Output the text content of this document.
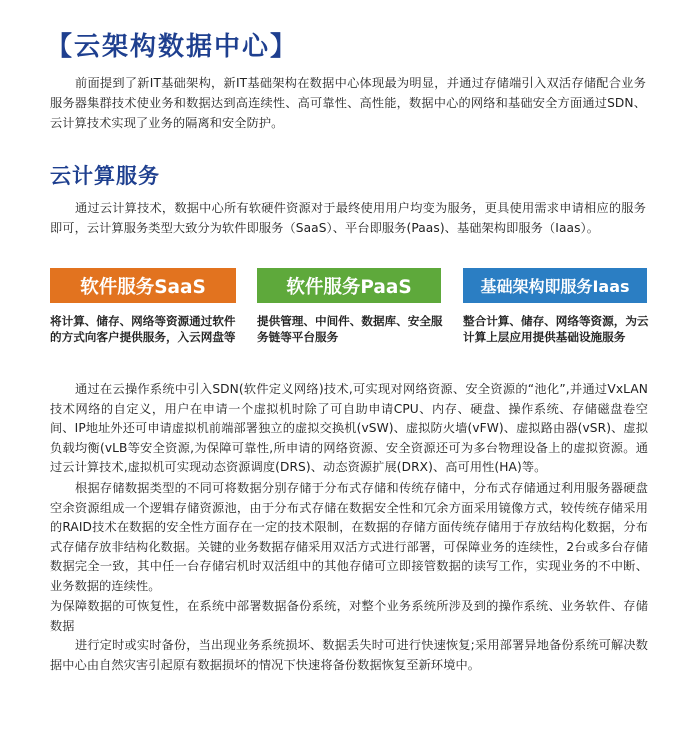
【云架构数据中心】

前面提到了新IT基础架构，新IT基础架构在数据中心体现最为明显，并通过存储端引入双活存储配合业务服务器集群技术使业务和数据达到高连续性、高可靠性、高性能，数据中心的网络和基础安全方面通过SDN、云计算技术实现了业务的隔离和安全防护。

云计算服务

通过云计算技术，数据中心所有软硬件资源对于最终使用用户均变为服务，更具使用需求申请相应的服务即可，云计算服务类型大致分为软件即服务（SaaS）、平台即服务(Paas)、基础架构即服务（Iaas）。

软件服务SaaS	软件服务PaaS	基础架构即服务Iaas

将计算、储存、网络等资源通过软件的方式向客户提供服务，入云网盘等

提供管理、中间件、数据库、安全服务链等平台服务

整合计算、储存、网络等资源，为云计算上层应用提供基础设施服务

通过在云操作系统中引入SDN(软件定义网络)技术,可实现对网络资源、安全资源的“池化”,并通过VxLAN技术网络的自定义，用户在申请一个虚拟机时除了可自助申请CPU、内存、硬盘、操作系统、存储磁盘卷空间、IP地址外还可申请虚拟机前端部署独立的虚拟交换机(vSW)、虚拟防火墙(vFW)、虚拟路由器(vSR)、虚拟负载均衡(vLB等安全资源,为保障可靠性,所申请的网络资源、安全资源还可为多台物理设备上的虚拟资源。通过云计算技术,虚拟机可实现动态资源调度(DRS)、动态资源扩展(DRX)、高可用性(HA)等。

根据存储数据类型的不同可将数据分别存储于分布式存储和传统存储中，分布式存储通过利用服务器硬盘空余资源组成一个逻辑存储资源池，由于分布式存储在数据安全性和冗余方面采用镜像方式，较传统存储采用的RAID技术在数据的安全性方面存在一定的技术限制，在数据的存储方面传统存储用于存放结构化数据，分布式存储存放非结构化数据。关键的业务数据存储采用双活方式进行部署，可保障业务的连续性，2台或多台存储数据完全一致，其中任一台存储宕机时双活组中的其他存储可立即接管数据的读写工作，实现业务的不中断、业务数据的连续性。

为保障数据的可恢复性，在系统中部署数据备份系统，对整个业务系统所涉及到的操作系统、业务软件、存储数据

进行定时或实时备份，当出现业务系统损坏、数据丢失时可进行快速恢复;采用部署异地备份系统可解决数据中心由自然灾害引起原有数据损坏的情况下快速将备份数据恢复至新环境中。
